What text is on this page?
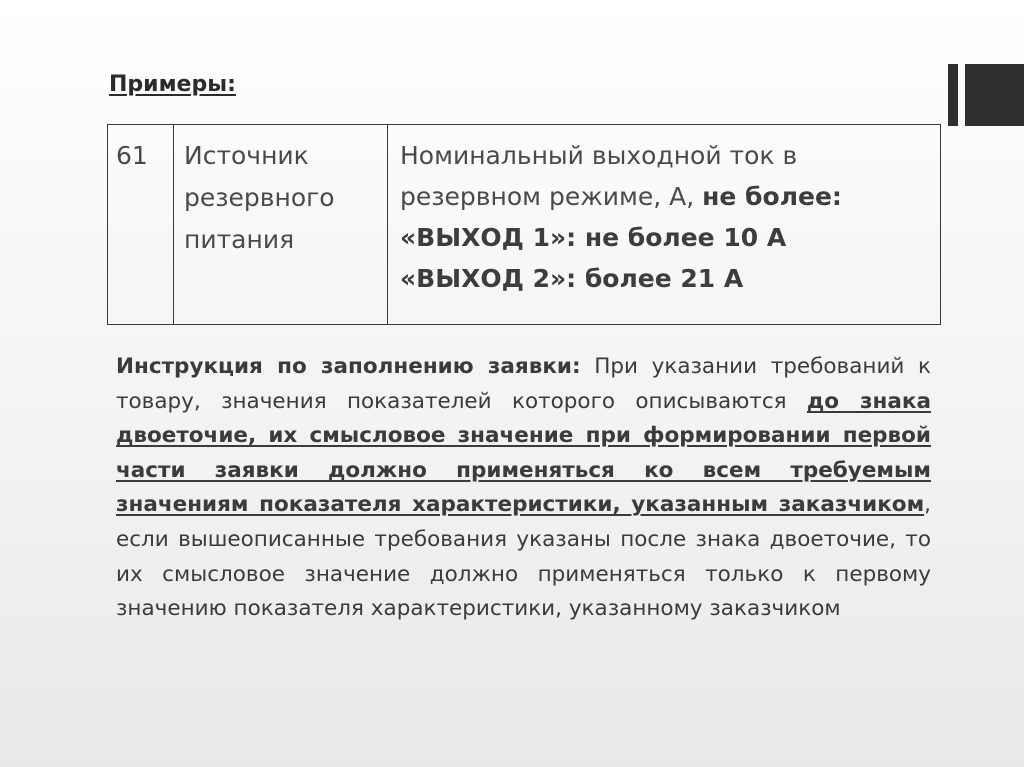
Примеры:
61	Источник
резервного
питания
Номинальный выходной ток в
резервном режиме, А, не более:
«ВЫХОД 1»: не более 10 А
«ВЫХОД 2»: более 21 А
Инструкция по заполнению заявки: При указании требований к товару, значения показателей которого описываются до знака двоеточие, их смысловое значение при формировании первой части заявки должно применяться ко всем требуемым значениям показателя характеристики, указанным заказчиком, если вышеописанные требования указаны после знака двоеточие, то их смысловое значение должно применяться только к первому значению показателя характеристики, указанному заказчиком
